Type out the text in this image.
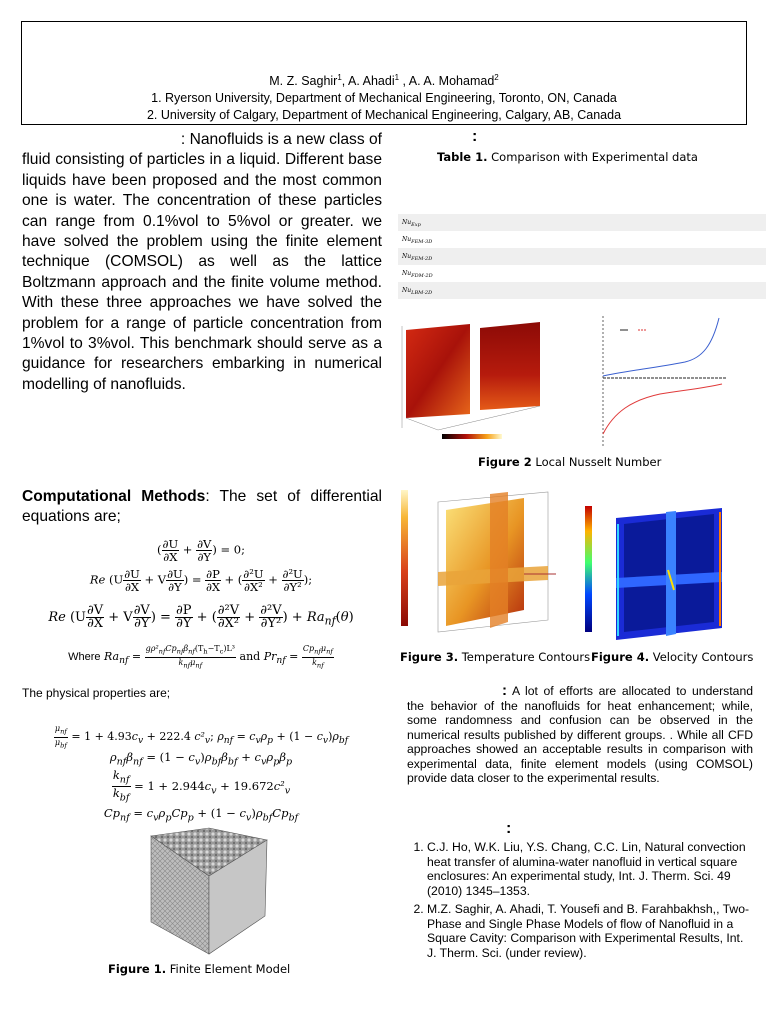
M. Z. Saghir$^1$, A. Ahadi$^1$ , A. A. Mohamad$^2$
1. Ryerson University, Department of Mechanical Engineering, Toronto, ON, Canada
2. University of Calgary, Department of Mechanical Engineering, Calgary, AB, Canada
: Nanofluids is a new class of
fluid consisting of particles in a liquid. Different base liquids have been proposed and the most common one is water. The concentration of these particles can range from 0.1%vol to 5%vol or greater. we have solved the problem using the finite element technique (COMSOL) as well as the lattice Boltzmann approach and the finite volume method. With these three approaches we have solved the problem for a range of particle concentration from 1%vol to 3%vol. This benchmark should serve as a guidance for researchers embarking in numerical modelling of nanofluids.
Computational Methods: The set of differential equations are;
( $\frac{\partial U}{\partial X} + \frac{\partial V}{\partial Y}$ ) = 0;
Re ($U \frac{\partial U}{\partial X} + V \frac{\partial U}{\partial Y}$ ) = $\frac{\partial P}{\partial X}$ + ( $\frac{\text{∂²U}}{\text{∂X²}} + \frac{\text{∂²U}}{\text{∂Y²}}$ );
Re ($U \frac{\partial V}{\partial X} + V \frac{\partial V}{\partial Y}$ ) = $\frac{\partial P}{\partial Y}$ + ( $\frac{\text{∂²V}}{\text{∂X²}} + \frac{\text{∂²V}}{\text{∂Y²}}$ ) + $Ra_{nf}(\theta)$
Where $Ra_{nf} = \frac{g\rho^2_{nf}Cp_{nf}\beta_{nf}(T_h-T_c)L^3}{k_{nf}\mu_{nf}}$ and $Pr_{nf} = \frac{Cp_{nf}\mu_{nf}}{k_{nf}}$
The physical properties are;
$\frac{\mu_{nf}}{\mu_{bf}} = 1 + 4.93c_v + 222.4$ $c^2_v$; $\rho_{nf} = c_v\rho_p + (1 - c_v)\rho_{bf}$
$\rho_{nf}\beta_{nf} = (1 - c_v)\rho_{bf}\beta_{bf} + c_v\rho_p\beta_p$
$\frac{k_{nf}}{k_{bf}} = 1 + 2.944c_v + 19.672c^2_v$
$Cp_{nf} = c_v\rho_pCp_p + (1 - c_v)\rho_{bf}Cp_{bf}$
Figure 1. Finite Element Model
:
Table 1. Comparison with Experimental data
$Nu_{Exp}$
$Nu_{FEM-3D}$
$Nu_{FEM-2D}$
$Nu_{FDM-2D}$
$Nu_{LBM-2D}$
Figure 2 Local Nusselt Number
Figure 3. Temperature Contours Figure 4. Velocity Contours
: A lot of efforts are allocated to understand the behavior of the nanofluids for heat enhancement; while, some randomness and confusion can be observed in the numerical results published by different groups. . While all CFD approaches showed an acceptable results in comparison with experimental data, finite element models (using COMSOL) provide data closer to the experimental results.
:
1. C.J. Ho, W.K. Liu, Y.S. Chang, C.C. Lin, Natural convection heat transfer of alumina-water nanofluid in vertical square enclosures: An experimental study, Int. J. Therm. Sci. 49 (2010) 1345–1353.
2. M.Z. Saghir, A. Ahadi, T. Yousefi and B. Farahbakhsh,, Two-Phase and Single Phase Models of flow of Nanofluid in a Square Cavity: Comparison with Experimental Results, Int. J. Therm. Sci. (under review).
